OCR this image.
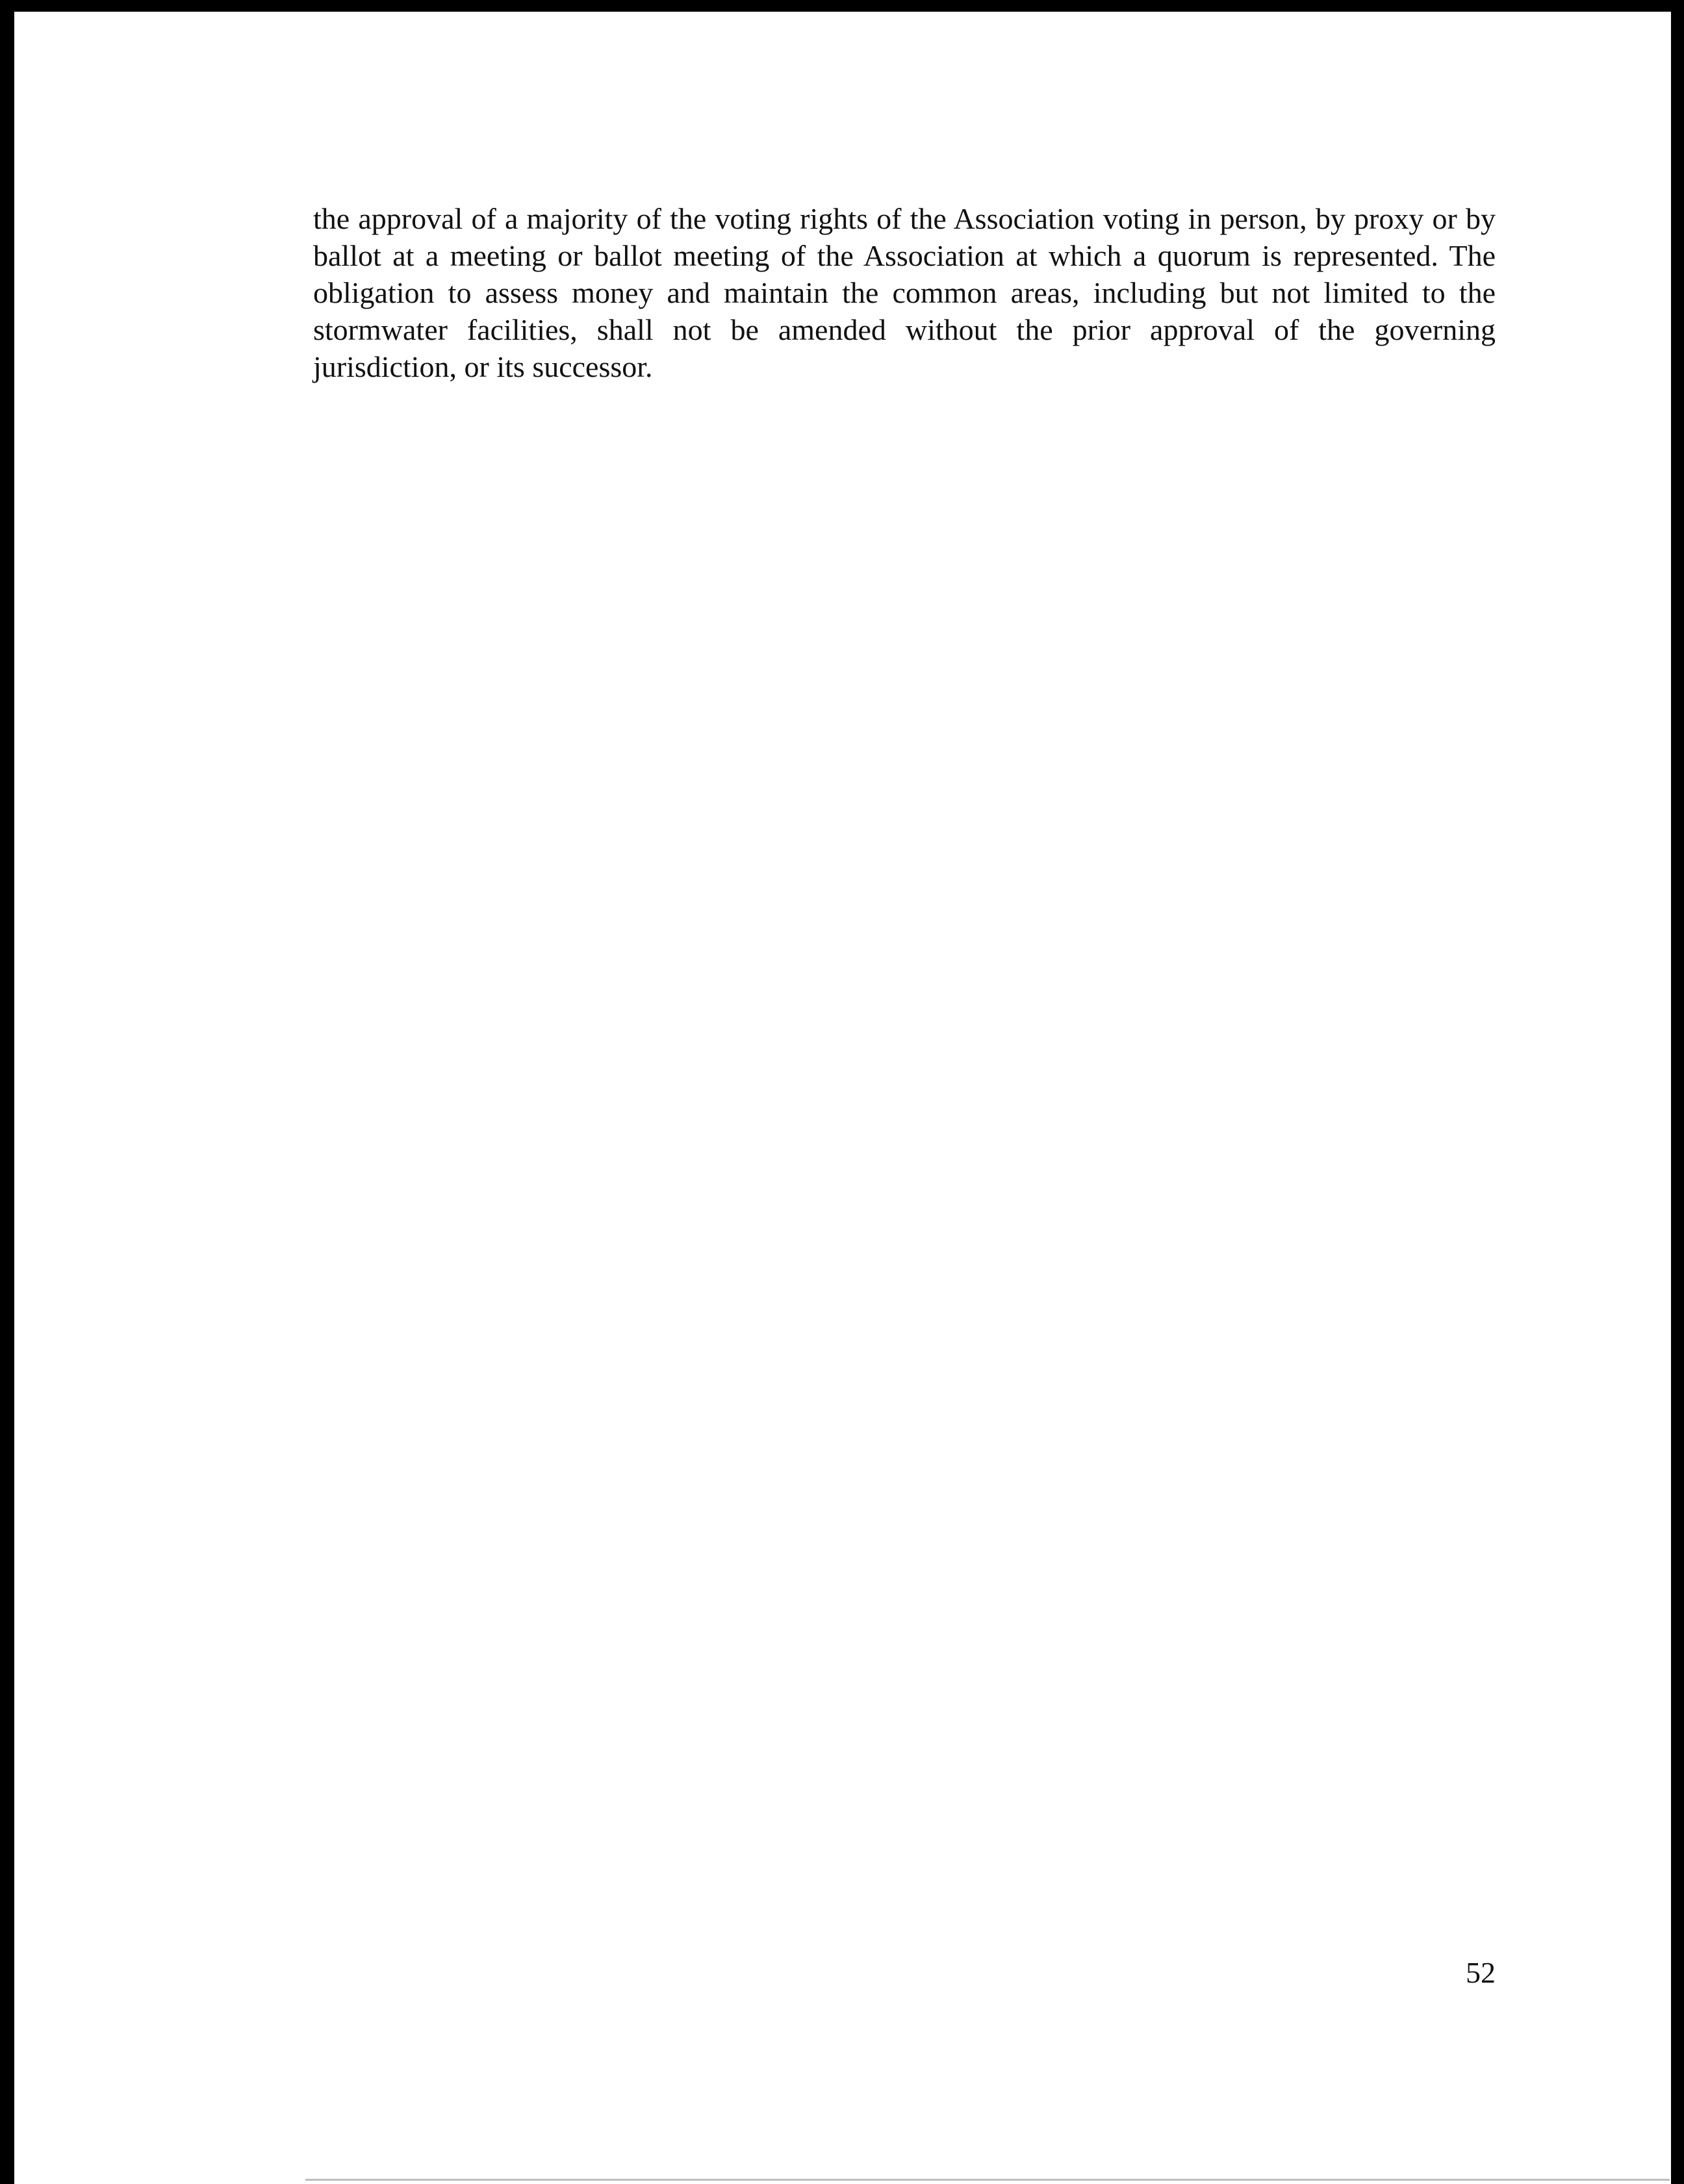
the approval of a majority of the voting rights of the Association voting in person, by proxy or by ballot at a meeting or ballot meeting of the Association at which a quorum is represented. The obligation to assess money and maintain the common areas, including but not limited to the stormwater facilities, shall not be amended without the prior approval of the governing jurisdiction, or its successor.

52
